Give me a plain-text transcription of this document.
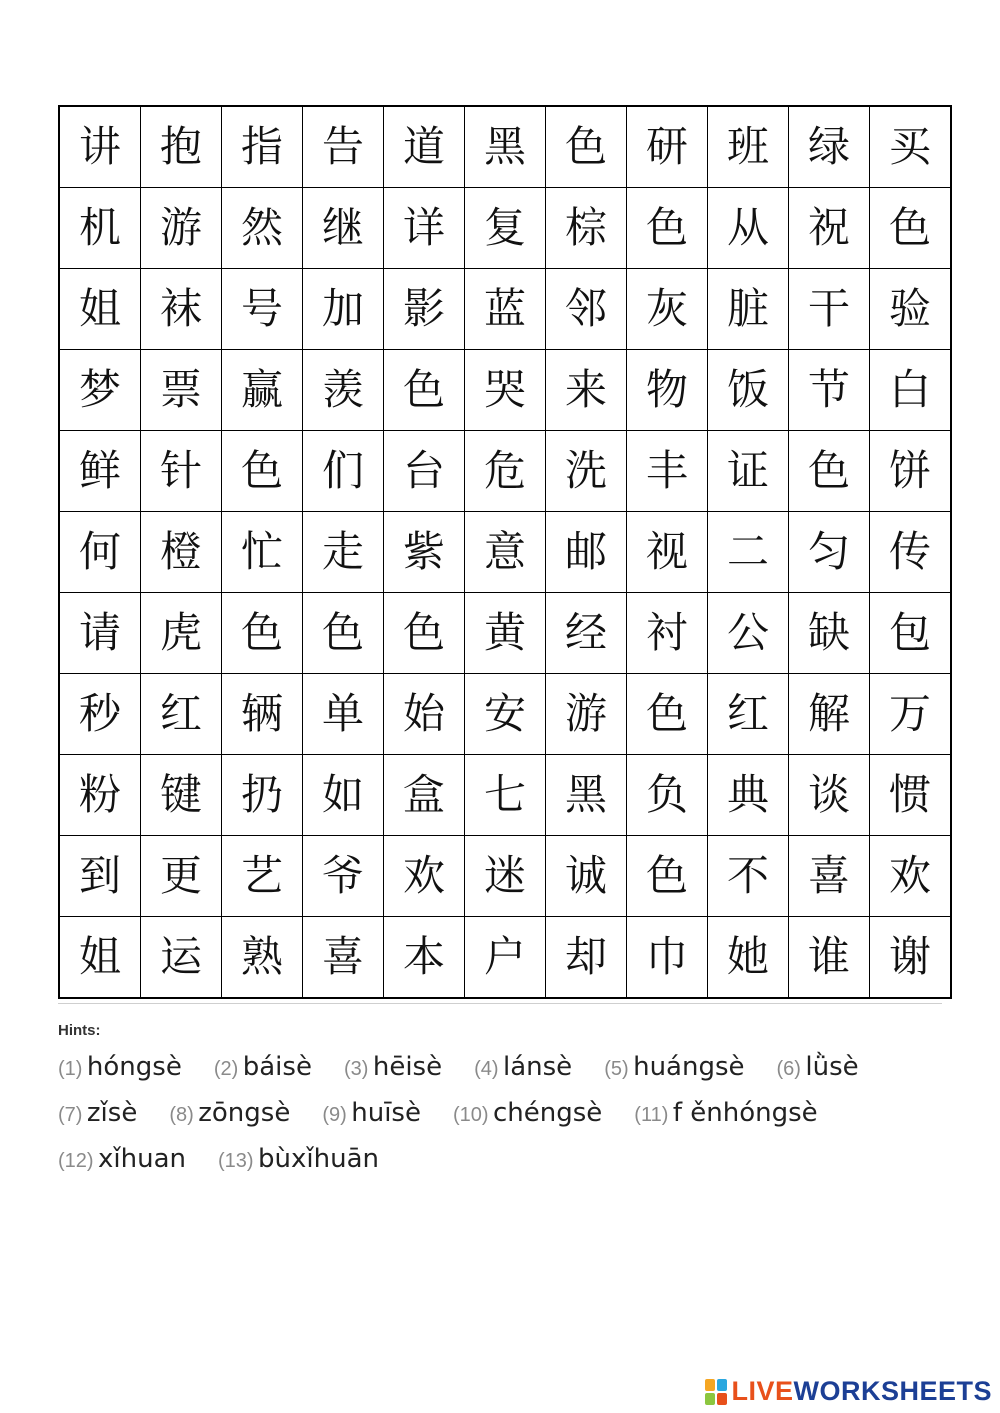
讲	抱	指	告	道	黑	色	研	班	绿	买
机	游	然	继	详	复	棕	色	从	祝	色
姐	袜	号	加	影	蓝	邻	灰	脏	干	验
梦	票	赢	羡	色	哭	来	物	饭	节	白
鲜	针	色	们	台	危	洗	丰	证	色	饼
何	橙	忙	走	紫	意	邮	视	二	匀	传
请	虎	色	色	色	黄	经	衬	公	缺	包
秒	红	辆	单	始	安	游	色	红	解	万
粉	键	扔	如	盒	七	黑	负	典	谈	惯
到	更	艺	爷	欢	迷	诚	色	不	喜	欢
姐	运	熟	喜	本	户	却	巾	她	谁	谢
Hints:
(1) hóngsè (2) báisè (3) hēisè (4) lánsè (5) huángsè (6) lǜsè(7) zǐsè (8) zōngsè (9) huīsè (10) chéngsè (11) f ěnhóngsè(12) xǐhuan (13) bùxǐhuān
LIVEWORKSHEETS
